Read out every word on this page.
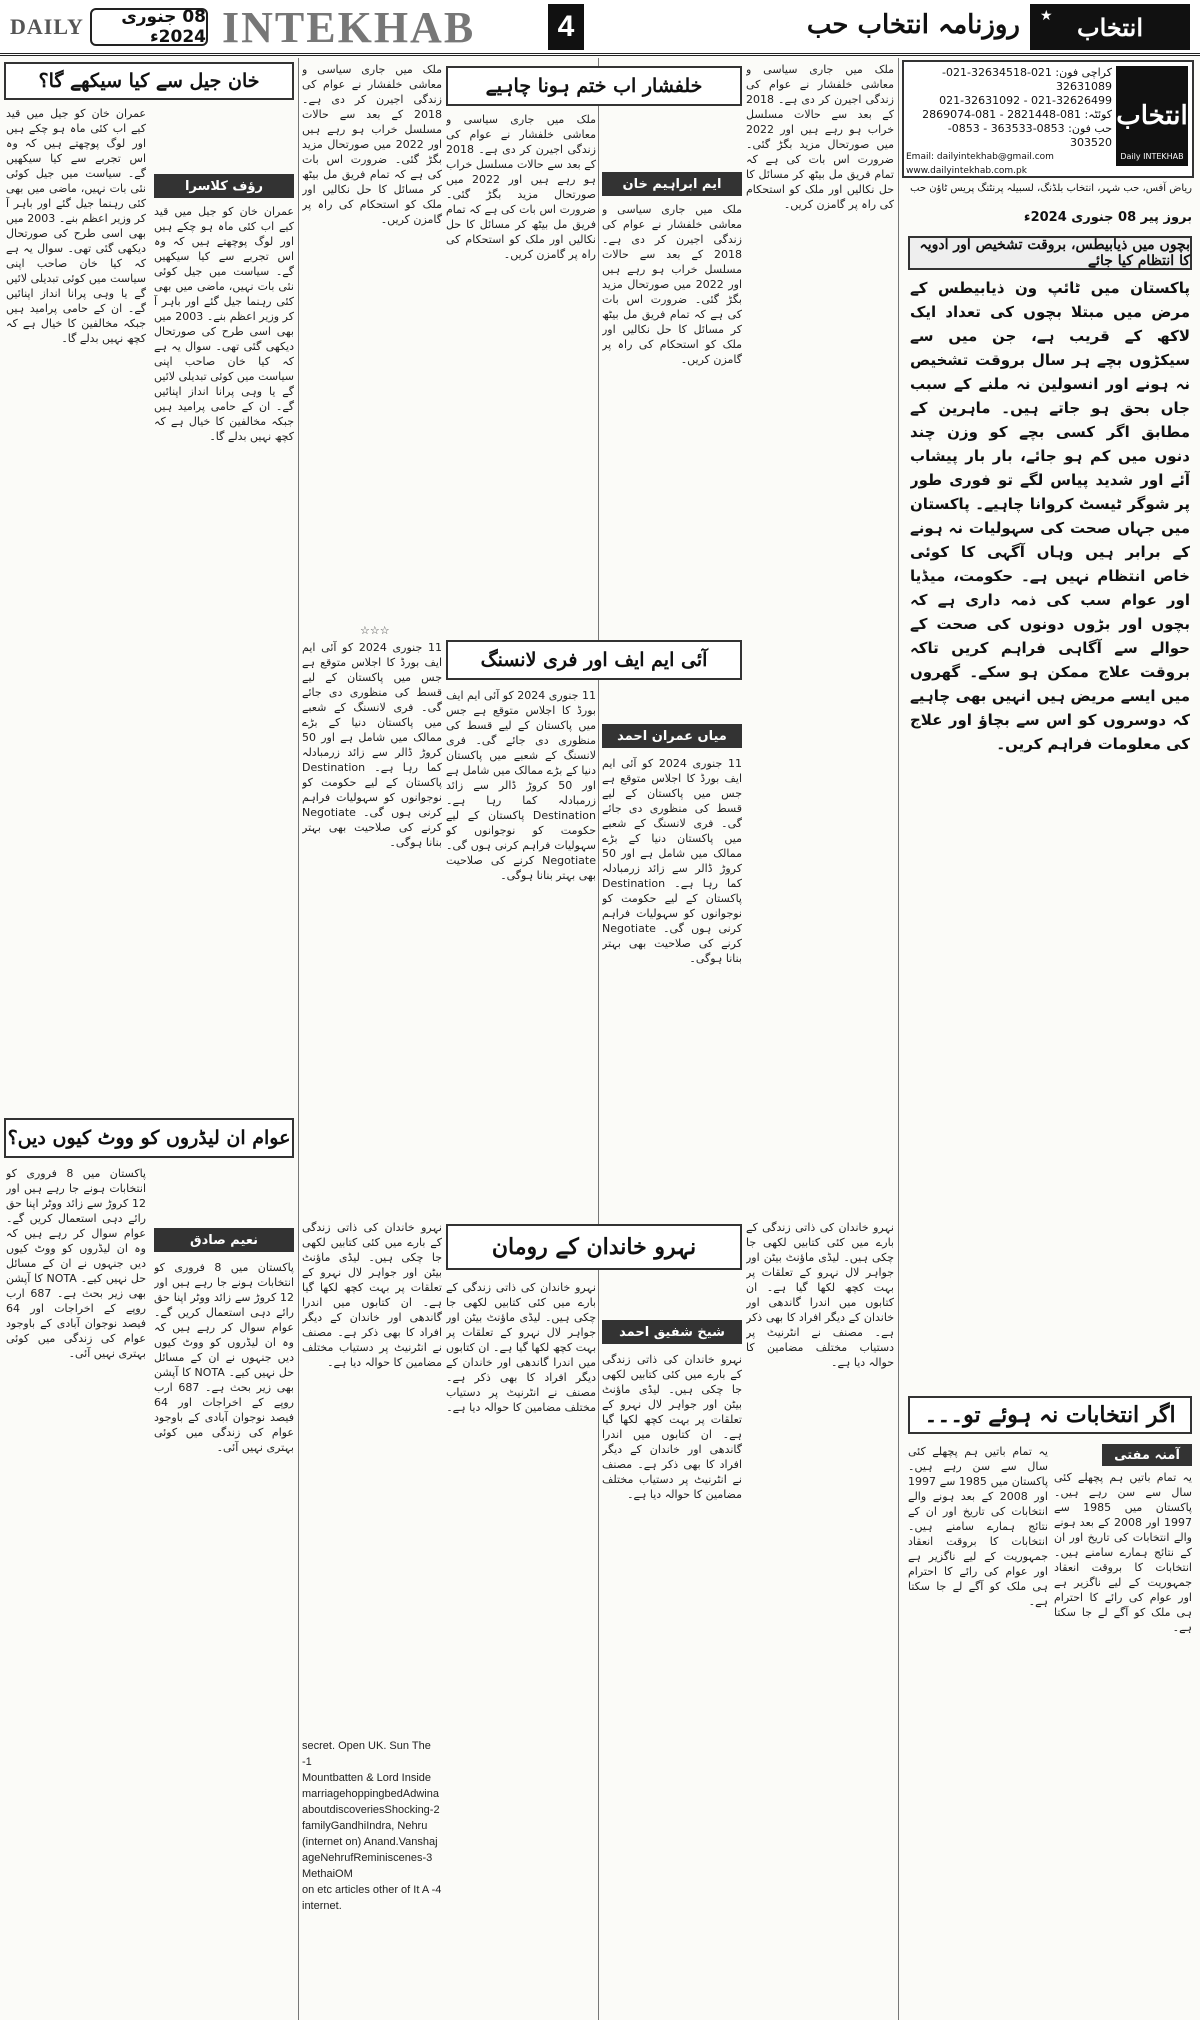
DAILY	08 جنوری 2024ء INTEKHAB	4	روزنامہ انتخاب حب	انتخاب
★
خان جیل سے کیا سیکھے گا؟
رؤف کلاسرا
عمران خان کو جیل میں قید کیے اب کئی ماہ ہو چکے ہیں اور لوگ پوچھتے ہیں کہ وہ اس تجربے سے کیا سیکھیں گے۔ سیاست میں جیل کوئی نئی بات نہیں، ماضی میں بھی کئی رہنما جیل گئے اور باہر آ کر وزیر اعظم بنے۔ 2003 میں بھی اسی طرح کی صورتحال دیکھی گئی تھی۔ سوال یہ ہے کہ کیا خان صاحب اپنی سیاست میں کوئی تبدیلی لائیں گے یا وہی پرانا انداز اپنائیں گے۔ ان کے حامی پرامید ہیں جبکہ مخالفین کا خیال ہے کہ کچھ نہیں بدلے گا۔
عمران خان کو جیل میں قید کیے اب کئی ماہ ہو چکے ہیں اور لوگ پوچھتے ہیں کہ وہ اس تجربے سے کیا سیکھیں گے۔ سیاست میں جیل کوئی نئی بات نہیں، ماضی میں بھی کئی رہنما جیل گئے اور باہر آ کر وزیر اعظم بنے۔ 2003 میں بھی اسی طرح کی صورتحال دیکھی گئی تھی۔ سوال یہ ہے کہ کیا خان صاحب اپنی سیاست میں کوئی تبدیلی لائیں گے یا وہی پرانا انداز اپنائیں گے۔ ان کے حامی پرامید ہیں جبکہ مخالفین کا خیال ہے کہ کچھ نہیں بدلے گا۔
عوام ان لیڈروں کو ووٹ کیوں دیں؟
نعیم صادق
پاکستان میں 8 فروری کو انتخابات ہونے جا رہے ہیں اور 12 کروڑ سے زائد ووٹر اپنا حق رائے دہی استعمال کریں گے۔ عوام سوال کر رہے ہیں کہ وہ ان لیڈروں کو ووٹ کیوں دیں جنہوں نے ان کے مسائل حل نہیں کیے۔ NOTA کا آپشن بھی زیر بحث ہے۔ 687 ارب روپے کے اخراجات اور 64 فیصد نوجوان آبادی کے باوجود عوام کی زندگی میں کوئی بہتری نہیں آئی۔
پاکستان میں 8 فروری کو انتخابات ہونے جا رہے ہیں اور 12 کروڑ سے زائد ووٹر اپنا حق رائے دہی استعمال کریں گے۔ عوام سوال کر رہے ہیں کہ وہ ان لیڈروں کو ووٹ کیوں دیں جنہوں نے ان کے مسائل حل نہیں کیے۔ NOTA کا آپشن بھی زیر بحث ہے۔ 687 ارب روپے کے اخراجات اور 64 فیصد نوجوان آبادی کے باوجود عوام کی زندگی میں کوئی بہتری نہیں آئی۔
ملک میں جاری سیاسی و معاشی خلفشار نے عوام کی زندگی اجیرن کر دی ہے۔ 2018 کے بعد سے حالات مسلسل خراب ہو رہے ہیں اور 2022 میں صورتحال مزید بگڑ گئی۔ ضرورت اس بات کی ہے کہ تمام فریق مل بیٹھ کر مسائل کا حل نکالیں اور ملک کو استحکام کی راہ پر گامزن کریں۔
خلفشار اب ختم ہونا چاہیے
ایم ابراہیم خان
ملک میں جاری سیاسی و معاشی خلفشار نے عوام کی زندگی اجیرن کر دی ہے۔ 2018 کے بعد سے حالات مسلسل خراب ہو رہے ہیں اور 2022 میں صورتحال مزید بگڑ گئی۔ ضرورت اس بات کی ہے کہ تمام فریق مل بیٹھ کر مسائل کا حل نکالیں اور ملک کو استحکام کی راہ پر گامزن کریں۔
ملک میں جاری سیاسی و معاشی خلفشار نے عوام کی زندگی اجیرن کر دی ہے۔ 2018 کے بعد سے حالات مسلسل خراب ہو رہے ہیں اور 2022 میں صورتحال مزید بگڑ گئی۔ ضرورت اس بات کی ہے کہ تمام فریق مل بیٹھ کر مسائل کا حل نکالیں اور ملک کو استحکام کی راہ پر گامزن کریں۔
☆☆☆
آئی ایم ایف اور فری لانسنگ
میاں عمران احمد
11 جنوری 2024 کو آئی ایم ایف بورڈ کا اجلاس متوقع ہے جس میں پاکستان کے لیے قسط کی منظوری دی جائے گی۔ فری لانسنگ کے شعبے میں پاکستان دنیا کے بڑے ممالک میں شامل ہے اور 50 کروڑ ڈالر سے زائد زرمبادلہ کما رہا ہے۔ Destination پاکستان کے لیے حکومت کو نوجوانوں کو سہولیات فراہم کرنی ہوں گی۔ Negotiate کرنے کی صلاحیت بھی بہتر بنانا ہوگی۔
11 جنوری 2024 کو آئی ایم ایف بورڈ کا اجلاس متوقع ہے جس میں پاکستان کے لیے قسط کی منظوری دی جائے گی۔ فری لانسنگ کے شعبے میں پاکستان دنیا کے بڑے ممالک میں شامل ہے اور 50 کروڑ ڈالر سے زائد زرمبادلہ کما رہا ہے۔ Destination پاکستان کے لیے حکومت کو نوجوانوں کو سہولیات فراہم کرنی ہوں گی۔ Negotiate کرنے کی صلاحیت بھی بہتر بنانا ہوگی۔
11 جنوری 2024 کو آئی ایم ایف بورڈ کا اجلاس متوقع ہے جس میں پاکستان کے لیے قسط کی منظوری دی جائے گی۔ فری لانسنگ کے شعبے میں پاکستان دنیا کے بڑے ممالک میں شامل ہے اور 50 کروڑ ڈالر سے زائد زرمبادلہ کما رہا ہے۔ Destination پاکستان کے لیے حکومت کو نوجوانوں کو سہولیات فراہم کرنی ہوں گی۔ Negotiate کرنے کی صلاحیت بھی بہتر بنانا ہوگی۔
نہرو خاندان کے رومان
شیخ شفیق احمد
نہرو خاندان کی ذاتی زندگی کے بارے میں کئی کتابیں لکھی جا چکی ہیں۔ لیڈی ماؤنٹ بیٹن اور جواہر لال نہرو کے تعلقات پر بہت کچھ لکھا گیا ہے۔ ان کتابوں میں اندرا گاندھی اور خاندان کے دیگر افراد کا بھی ذکر ہے۔ مصنف نے انٹرنیٹ پر دستیاب مختلف مضامین کا حوالہ دیا ہے۔
نہرو خاندان کی ذاتی زندگی کے بارے میں کئی کتابیں لکھی جا چکی ہیں۔ لیڈی ماؤنٹ بیٹن اور جواہر لال نہرو کے تعلقات پر بہت کچھ لکھا گیا ہے۔ ان کتابوں میں اندرا گاندھی اور خاندان کے دیگر افراد کا بھی ذکر ہے۔ مصنف نے انٹرنیٹ پر دستیاب مختلف مضامین کا حوالہ دیا ہے۔
نہرو خاندان کی ذاتی زندگی کے بارے میں کئی کتابیں لکھی جا چکی ہیں۔ لیڈی ماؤنٹ بیٹن اور جواہر لال نہرو کے تعلقات پر بہت کچھ لکھا گیا ہے۔ ان کتابوں میں اندرا گاندھی اور خاندان کے دیگر افراد کا بھی ذکر ہے۔ مصنف نے انٹرنیٹ پر دستیاب مختلف مضامین کا حوالہ دیا ہے۔
نہرو خاندان کی ذاتی زندگی کے بارے میں کئی کتابیں لکھی جا چکی ہیں۔ لیڈی ماؤنٹ بیٹن اور جواہر لال نہرو کے تعلقات پر بہت کچھ لکھا گیا ہے۔ ان کتابوں میں اندرا گاندھی اور خاندان کے دیگر افراد کا بھی ذکر ہے۔ مصنف نے انٹرنیٹ پر دستیاب مختلف مضامین کا حوالہ دیا ہے۔
secret. Open UK. Sun The -1
Mountbatten & Lord Inside
marriagehoppingbedAdwina
aboutdiscoveriesShocking-2
familyGandhiIndra, Nehru
(internet on) Anand.Vanshaj
ageNehrufReminiscenes-3
MethaiOM
on etc articles other of It A -4
internet.
ملک میں جاری سیاسی و معاشی خلفشار نے عوام کی زندگی اجیرن کر دی ہے۔ 2018 کے بعد سے حالات مسلسل خراب ہو رہے ہیں اور 2022 میں صورتحال مزید بگڑ گئی۔ ضرورت اس بات کی ہے کہ تمام فریق مل بیٹھ کر مسائل کا حل نکالیں اور ملک کو استحکام کی راہ پر گامزن کریں۔
انتخاب
Daily INTEKHAB
کراچی فون: 021-32634518-021-32631089
021-32626499 - 021-32631092
کوئٹہ: 081-2821448 - 081-2869074
حب فون: 0853-363533 - 0853-303520
Email: dailyintekhab@gmail.com www.dailyintekhab.com.pk
ریاض آفس، حب شہر، انتخاب بلڈنگ، لسبیلہ پرنٹنگ پریس ٹاؤن حب
بروز پیر 08 جنوری 2024ء
بچوں میں ذیابیطس، بروقت تشخیص اور ادویہ کا انتظام کیا جائے
پاکستان میں ٹائپ ون ذیابیطس کے مرض میں مبتلا بچوں کی تعداد ایک لاکھ کے قریب ہے، جن میں سے سیکڑوں بچے ہر سال بروقت تشخیص نہ ہونے اور انسولین نہ ملنے کے سبب جاں بحق ہو جاتے ہیں۔ ماہرین کے مطابق اگر کسی بچے کو وزن چند دنوں میں کم ہو جائے، بار بار پیشاب آئے اور شدید پیاس لگے تو فوری طور پر شوگر ٹیسٹ کروانا چاہیے۔ پاکستان میں جہاں صحت کی سہولیات نہ ہونے کے برابر ہیں وہاں آگہی کا کوئی خاص انتظام نہیں ہے۔ حکومت، میڈیا اور عوام سب کی ذمہ داری ہے کہ بچوں اور بڑوں دونوں کی صحت کے حوالے سے آگاہی فراہم کریں تاکہ بروقت علاج ممکن ہو سکے۔ گھروں میں ایسے مریض ہیں انہیں بھی چاہیے کہ دوسروں کو اس سے بچاؤ اور علاج کی معلومات فراہم کریں۔
اگر انتخابات نہ ہوئے تو۔۔۔
آمنہ مفتی
یہ تمام باتیں ہم پچھلے کئی سال سے سن رہے ہیں۔ پاکستان میں 1985 سے 1997 اور 2008 کے بعد ہونے والے انتخابات کی تاریخ اور ان کے نتائج ہمارے سامنے ہیں۔ انتخابات کا بروقت انعقاد جمہوریت کے لیے ناگزیر ہے اور عوام کی رائے کا احترام ہی ملک کو آگے لے جا سکتا ہے۔
یہ تمام باتیں ہم پچھلے کئی سال سے سن رہے ہیں۔ پاکستان میں 1985 سے 1997 اور 2008 کے بعد ہونے والے انتخابات کی تاریخ اور ان کے نتائج ہمارے سامنے ہیں۔ انتخابات کا بروقت انعقاد جمہوریت کے لیے ناگزیر ہے اور عوام کی رائے کا احترام ہی ملک کو آگے لے جا سکتا ہے۔
